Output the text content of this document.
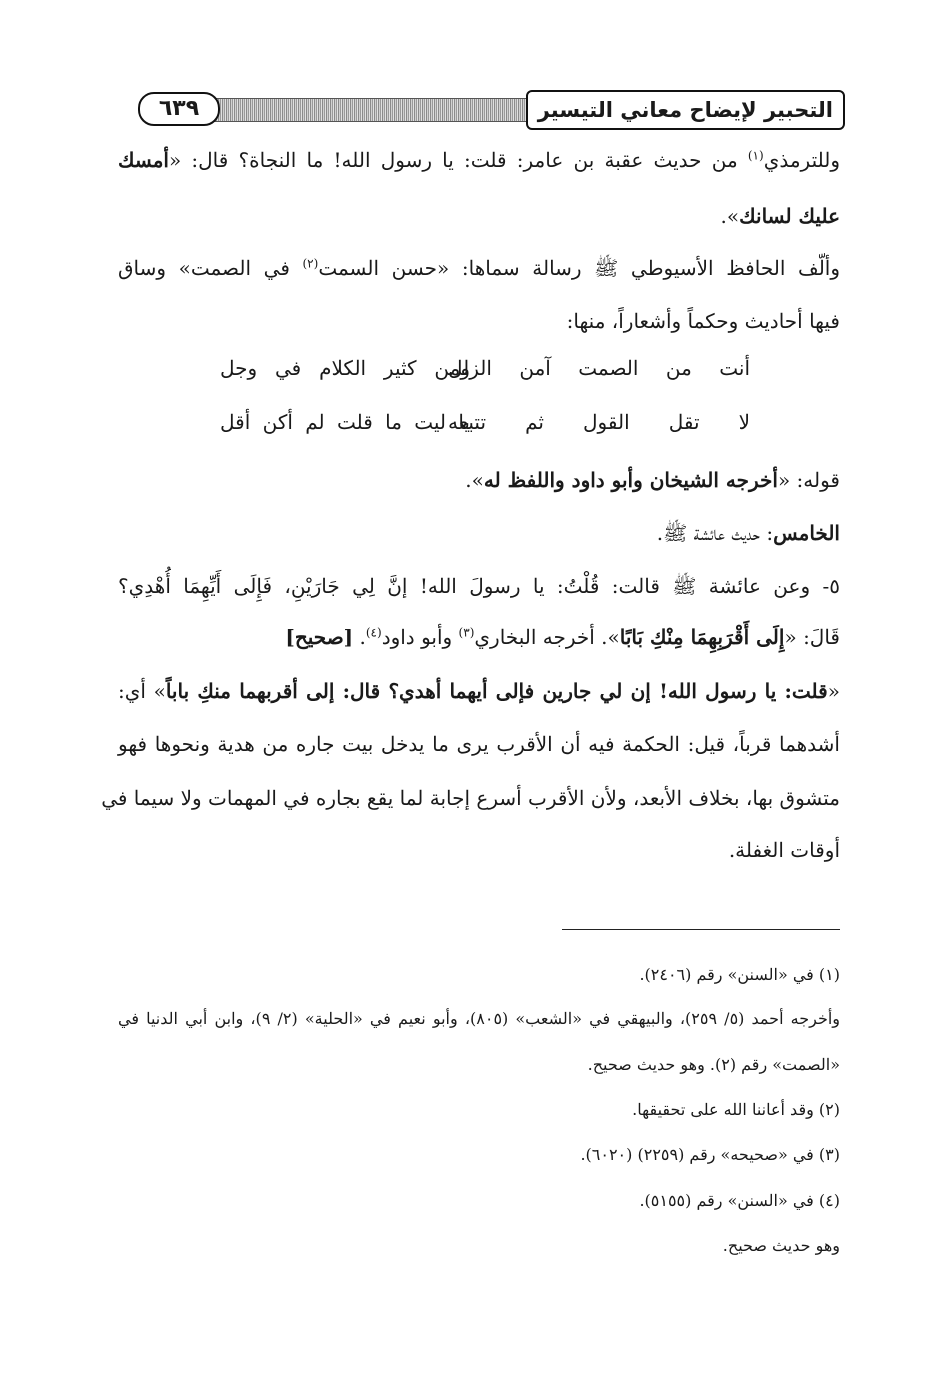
٦٣٩	التحبير لإيضاح معاني التيسير
وللترمذي$^{(١)}$ من حديث عقبة بن عامر: قلت: يا رسول الله! ما النجاة؟ قال: «أمسك
عليك لسانك».
وألّف الحافظ الأسيوطي ﷺ رسالة سماها: «حسن السمت$^{(٢)}$ في الصمت» وساق
فيها أحاديث وحكماً وأشعاراً، منها:
أنت من الصمت آمن الزلل
ومن كثير الكلام في وجل
لا تقل القول ثم تتبعه
يا ليت ما قلت لم أكن أقل
قوله: «أخرجه الشيخان وأبو داود واللفظ له».
الخامس: حديث عائشة ﷺ.
٥- وعن عائشة ﷺ قالت: قُلْتُ: يا رسولَ الله! إنَّ لِي جَارَيْنِ، فَإِلَى أَيِّهِمَا أُهْدِي؟
قَالَ: «إِلَى أَقْرَبِهِمَا مِنْكِ بَابًا». أخرجه البخاري$^{(٣)}$ وأبو داود$^{(٤)}$. [صحيح]
«قلت: يا رسول الله! إن لي جارين فإلى أيهما أهدي؟ قال: إلى أقربهما منكِ باباً» أي:
أشدهما قرباً، قيل: الحكمة فيه أن الأقرب يرى ما يدخل بيت جاره من هدية ونحوها فهو
متشوق بها، بخلاف الأبعد، ولأن الأقرب أسرع إجابة لما يقع بجاره في المهمات ولا سيما في
أوقات الغفلة.
(١) في «السنن» رقم (٢٤٠٦).
وأخرجه أحمد (٥/ ٢٥٩)، والبيهقي في «الشعب» (٨٠٥)، وأبو نعيم في «الحلية» (٢/ ٩)، وابن أبي الدنيا في
«الصمت» رقم (٢). وهو حديث صحيح.
(٢) وقد أعاننا الله على تحقيقها.
(٣) في «صحيحه» رقم (٢٢٥٩) (٦٠٢٠).
(٤) في «السنن» رقم (٥١٥٥).
وهو حديث صحيح.
